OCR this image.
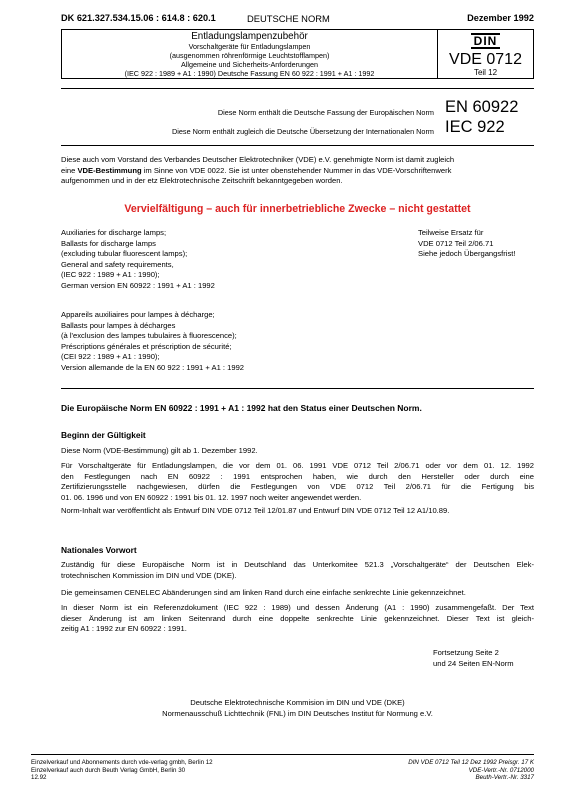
DK 621.327.534.15.06 : 614.8 : 620.1	DEUTSCHE NORM	Dezember 1992
Entladungslampenzubehör
Vorschaltgeräte für Entladungslampen
(ausgenommen röhrenförmige Leuchtstofflampen)
Allgemeine und Sicherheits-Anforderungen
(IEC 922 : 1989 + A1 : 1990) Deutsche Fassung EN 60 922 : 1991 + A1 : 1992
DIN
VDE 0712
Teil 12
Diese Norm enthält die Deutsche Fassung der Europäischen Norm EN 60922
Diese Norm enthält zugleich die Deutsche Übersetzung der Internationalen Norm IEC 922
Diese auch vom Vorstand des Verbandes Deutscher Elektrotechniker (VDE) e.V. genehmigte Norm ist damit zugleich
eine VDE-Bestimmung im Sinne von VDE 0022. Sie ist unter obenstehender Nummer in das VDE-Vorschriftenwerk
aufgenommen und in der etz Elektrotechnische Zeitschrift bekanntgegeben worden.
Vervielfältigung – auch für innerbetriebliche Zwecke – nicht gestattet
Auxiliaries for discharge lamps;
Ballasts for discharge lamps
(excluding tubular fluorescent lamps);
General and safety requirements,
(IEC 922 : 1989 + A1 : 1990);
German version EN 60922 : 1991 + A1 : 1992
Teilweise Ersatz für
VDE 0712 Teil 2/06.71
Siehe jedoch Übergangsfrist!
Appareils auxiliaires pour lampes à décharge;
Ballasts pour lampes à décharges
(à l'exclusion des lampes tubulaires à fluorescence);
Préscriptions générales et préscription de sécurité;
(CEI 922 : 1989 + A1 : 1990);
Version allemande de la EN 60 922 : 1991 + A1 : 1992
Die Europäische Norm EN 60922 : 1991 + A1 : 1992 hat den Status einer Deutschen Norm.
Beginn der Gültigkeit
Diese Norm (VDE-Bestimmung) gilt ab 1. Dezember 1992.
Für Vorschaltgeräte für Entladungslampen, die vor dem 01. 06. 1991 VDE 0712 Teil 2/06.71 oder vor dem 01. 12. 1992
den Festlegungen nach EN 60922 : 1991 entsprochen haben, wie durch den Hersteller oder durch eine
Zertifizierungsstelle nachgewiesen, dürfen die Festlegungen von VDE 0712 Teil 2/06.71 für die Fertigung bis
01. 06. 1996 und von EN 60922 : 1991 bis 01. 12. 1997 noch weiter angewendet werden.
Norm-Inhalt war veröffentlicht als Entwurf DIN VDE 0712 Teil 12/01.87 und Entwurf DIN VDE 0712 Teil 12 A1/10.89.
Nationales Vorwort
Zuständig für diese Europäische Norm ist in Deutschland das Unterkomitee 521.3 „Vorschaltgeräte“ der Deutschen Elek-
trotechnischen Kommission im DIN und VDE (DKE).
Die gemeinsamen CENELEC Abänderungen sind am linken Rand durch eine einfache senkrechte Linie gekennzeichnet.
In dieser Norm ist ein Referenzdokument (IEC 922 : 1989) und dessen Änderung (A1 : 1990) zusammengefaßt. Der Text
dieser Änderung ist am linken Seitenrand durch eine doppelte senkrechte Linie gekennzeichnet. Dieser Text ist gleich-
zeitig A1 : 1992 zur EN 60922 : 1991.
Fortsetzung Seite 2
und 24 Seiten EN-Norm
Deutsche Elektrotechnische Kommision im DIN und VDE (DKE)
Normenausschuß Lichttechnik (FNL) im DIN Deutsches Institut für Normung e.V.
Einzelverkauf und Abonnements durch vde-verlag gmbh, Berlin 12
Einzelverkauf auch durch Beuth Verlag GmbH, Berlin 30
12.92
DIN VDE 0712 Teil 12 Dez 1992 Preisgr. 17 K
VDE-Vertr.-Nr. 0712000
Beuth-Vertr.-Nr. 3317
